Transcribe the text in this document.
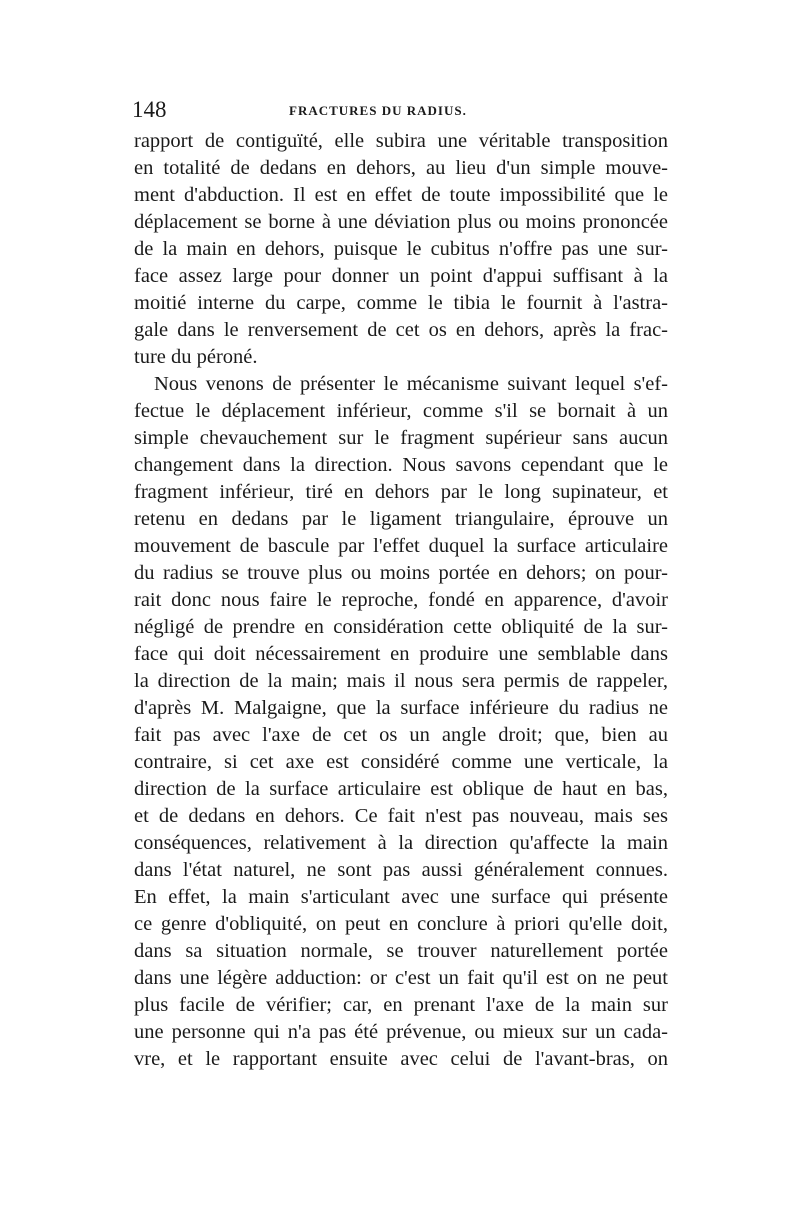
148	FRACTURES DU RADIUS.
rapport de contiguïté, elle subira une véritable transposition
en totalité de dedans en dehors, au lieu d'un simple mouve-
ment d'abduction. Il est en effet de toute impossibilité que le
déplacement se borne à une déviation plus ou moins prononcée
de la main en dehors, puisque le cubitus n'offre pas une sur-
face assez large pour donner un point d'appui suffisant à la
moitié interne du carpe, comme le tibia le fournit à l'astra-
gale dans le renversement de cet os en dehors, après la frac-
ture du péroné.
Nous venons de présenter le mécanisme suivant lequel s'ef-
fectue le déplacement inférieur, comme s'il se bornait à un
simple chevauchement sur le fragment supérieur sans aucun
changement dans la direction. Nous savons cependant que le
fragment inférieur, tiré en dehors par le long supinateur, et
retenu en dedans par le ligament triangulaire, éprouve un
mouvement de bascule par l'effet duquel la surface articulaire
du radius se trouve plus ou moins portée en dehors; on pour-
rait donc nous faire le reproche, fondé en apparence, d'avoir
négligé de prendre en considération cette obliquité de la sur-
face qui doit nécessairement en produire une semblable dans
la direction de la main; mais il nous sera permis de rappeler,
d'après M. Malgaigne, que la surface inférieure du radius ne
fait pas avec l'axe de cet os un angle droit; que, bien au
contraire, si cet axe est considéré comme une verticale, la
direction de la surface articulaire est oblique de haut en bas,
et de dedans en dehors. Ce fait n'est pas nouveau, mais ses
conséquences, relativement à la direction qu'affecte la main
dans l'état naturel, ne sont pas aussi généralement connues.
En effet, la main s'articulant avec une surface qui présente
ce genre d'obliquité, on peut en conclure à priori qu'elle doit,
dans sa situation normale, se trouver naturellement portée
dans une légère adduction: or c'est un fait qu'il est on ne peut
plus facile de vérifier; car, en prenant l'axe de la main sur
une personne qui n'a pas été prévenue, ou mieux sur un cada-
vre, et le rapportant ensuite avec celui de l'avant-bras, on
